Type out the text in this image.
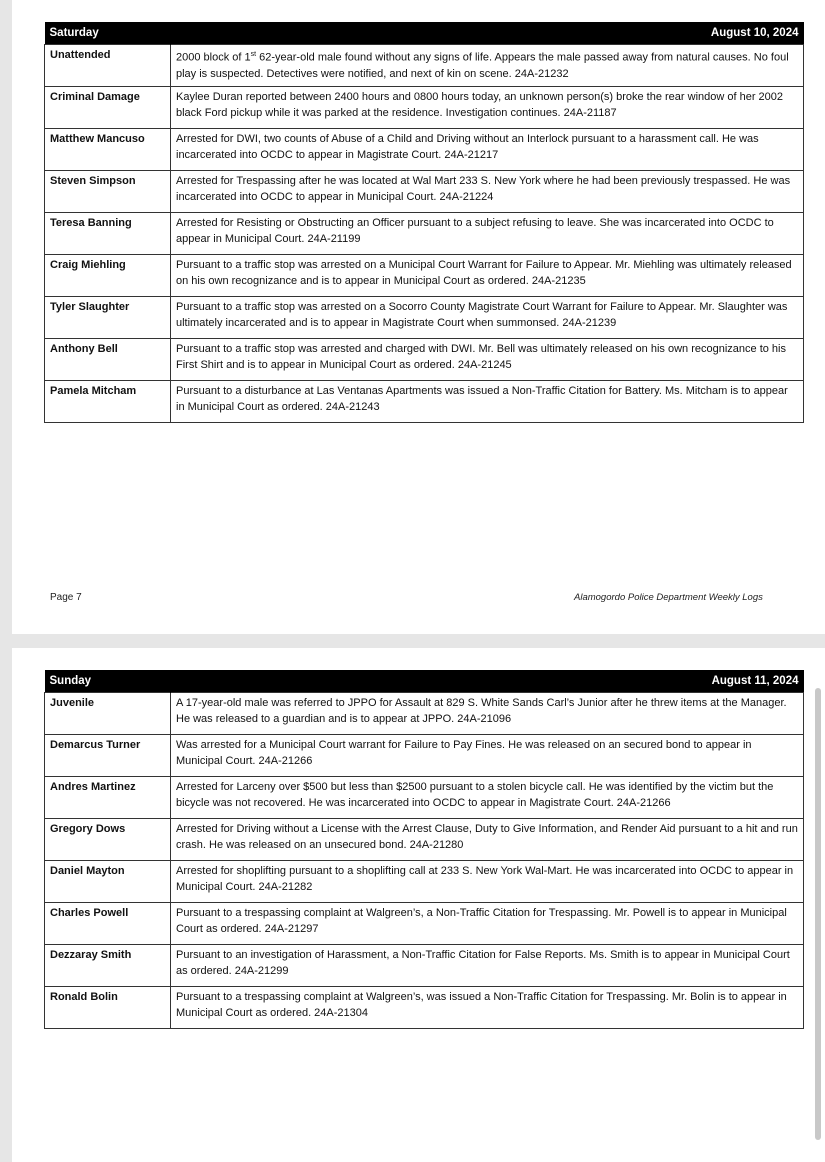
Saturday	August 10, 2024
Unattended	2000 block of 1st 62-year-old male found without any signs of life. Appears the male passed away from natural causes. No foul play is suspected. Detectives were notified, and next of kin on scene. 24A-21232
Criminal Damage	Kaylee Duran reported between 2400 hours and 0800 hours today, an unknown person(s) broke the rear window of her 2002 black Ford pickup while it was parked at the residence. Investigation continues. 24A-21187
Matthew Mancuso	Arrested for DWI, two counts of Abuse of a Child and Driving without an Interlock pursuant to a harassment call. He was incarcerated into OCDC to appear in Magistrate Court. 24A-21217
Steven Simpson	Arrested for Trespassing after he was located at Wal Mart 233 S. New York where he had been previously trespassed. He was incarcerated into OCDC to appear in Municipal Court. 24A-21224
Teresa Banning	Arrested for Resisting or Obstructing an Officer pursuant to a subject refusing to leave. She was incarcerated into OCDC to appear in Municipal Court. 24A-21199
Craig Miehling	Pursuant to a traffic stop was arrested on a Municipal Court Warrant for Failure to Appear. Mr. Miehling was ultimately released on his own recognizance and is to appear in Municipal Court as ordered. 24A-21235
Tyler Slaughter	Pursuant to a traffic stop was arrested on a Socorro County Magistrate Court Warrant for Failure to Appear. Mr. Slaughter was ultimately incarcerated and is to appear in Magistrate Court when summonsed. 24A-21239
Anthony Bell	Pursuant to a traffic stop was arrested and charged with DWI. Mr. Bell was ultimately released on his own recognizance to his First Shirt and is to appear in Municipal Court as ordered. 24A-21245
Pamela Mitcham	Pursuant to a disturbance at Las Ventanas Apartments was issued a Non-Traffic Citation for Battery. Ms. Mitcham is to appear in Municipal Court as ordered. 24A-21243
Page 7	Alamogordo Police Department Weekly Logs
Sunday	August 11, 2024
Juvenile	A 17-year-old male was referred to JPPO for Assault at 829 S. White Sands Carl’s Junior after he threw items at the Manager. He was released to a guardian and is to appear at JPPO. 24A-21096
Demarcus Turner	Was arrested for a Municipal Court warrant for Failure to Pay Fines. He was released on an secured bond to appear in Municipal Court. 24A-21266
Andres Martinez	Arrested for Larceny over $500 but less than $2500 pursuant to a stolen bicycle call. He was identified by the victim but the bicycle was not recovered. He was incarcerated into OCDC to appear in Magistrate Court. 24A-21266
Gregory Dows	Arrested for Driving without a License with the Arrest Clause, Duty to Give Information, and Render Aid pursuant to a hit and run crash. He was released on an unsecured bond. 24A-21280
Daniel Mayton	Arrested for shoplifting pursuant to a shoplifting call at 233 S. New York Wal-Mart. He was incarcerated into OCDC to appear in Municipal Court. 24A-21282
Charles Powell	Pursuant to a trespassing complaint at Walgreen’s, a Non-Traffic Citation for Trespassing. Mr. Powell is to appear in Municipal Court as ordered. 24A-21297
Dezzaray Smith	Pursuant to an investigation of Harassment, a Non-Traffic Citation for False Reports. Ms. Smith is to appear in Municipal Court as ordered. 24A-21299
Ronald Bolin	Pursuant to a trespassing complaint at Walgreen’s, was issued a Non-Traffic Citation for Trespassing. Mr. Bolin is to appear in Municipal Court as ordered. 24A-21304
